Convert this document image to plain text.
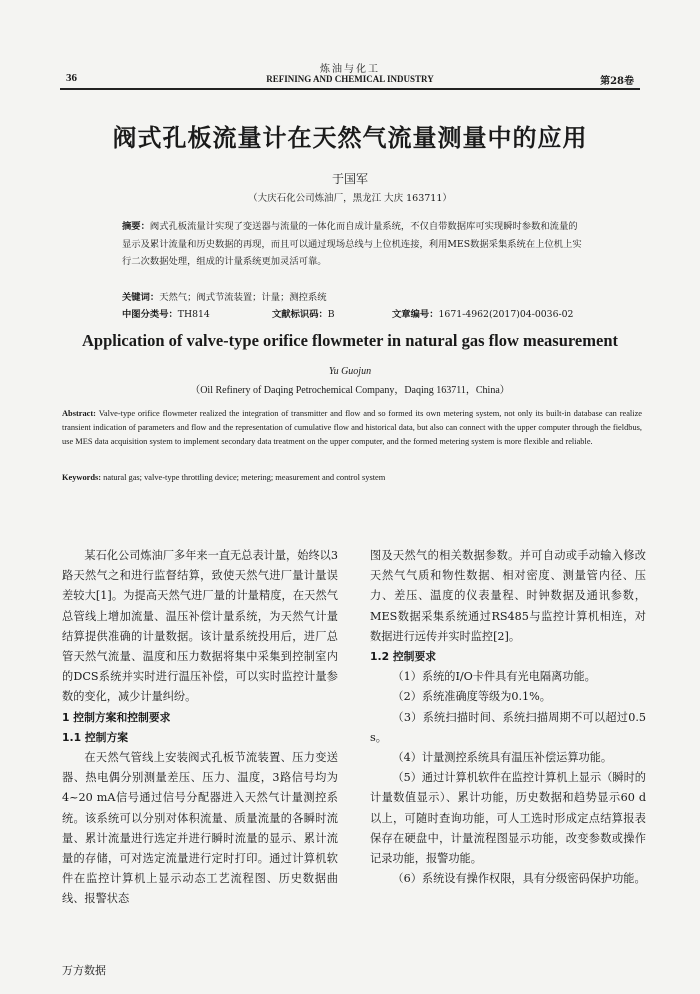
36
炼油与化工
REFINING AND CHEMICAL INDUSTRY	第28卷
阀式孔板流量计在天然气流量测量中的应用
于国军
（大庆石化公司炼油厂，黑龙江 大庆 163711）
摘要：阀式孔板流量计实现了变送器与流量的一体化而自成计量系统，不仅自带数据库可实现瞬时参数和流量的显示及累计流量和历史数据的再现，而且可以通过现场总线与上位机连接，利用MES数据采集系统在上位机上实行二次数据处理，组成的计量系统更加灵活可靠。
关键词：天然气；阀式节流装置；计量；测控系统
中图分类号：TH814	文献标识码：B	文章编号：1671-4962(2017)04-0036-02
Application of valve-type orifice flowmeter in natural gas flow measurement
Yu Guojun
（Oil Refinery of Daqing Petrochemical Company，Daqing 163711，China）
Abstract: Valve-type orifice flowmeter realized the integration of transmitter and flow and so formed its own metering system, not only its built-in database can realize transient indication of parameters and flow and the representation of cumulative flow and historical data, but also can connect with the upper computer through the fieldbus, use MES data acquisition system to implement secondary data treatment on the upper computer, and the formed metering system is more flexible and reliable.
Keywords: natural gas; valve-type throttling device; metering; measurement and control system

某石化公司炼油厂多年来一直无总表计量，始终以3路天然气之和进行监督结算，致使天然气进厂量计量误差较大[1]。为提高天然气进厂量的计量精度，在天然气总管线上增加流量、温压补偿计量系统，为天然气计量结算提供准确的计量数据。该计量系统投用后，进厂总管天然气流量、温度和压力数据将集中采集到控制室内的DCS系统并实时进行温压补偿，可以实时监控计量参数的变化，减少计量纠纷。

1 控制方案和控制要求

1.1 控制方案

在天然气管线上安装阀式孔板节流装置、压力变送器、热电偶分别测量差压、压力、温度，3路信号均为4~20 mA信号通过信号分配器进入天然气计量测控系统。该系统可以分别对体积流量、质量流量的各瞬时流量、累计流量进行选定并进行瞬时流量的显示、累计流量的存储，可对选定流量进行定时打印。通过计算机软件在监控计算机上显示动态工艺流程图、历史数据曲线、报警状态

图及天然气的相关数据参数。并可自动或手动输入修改天然气气质和物性数据、相对密度、测量管内径、压力、差压、温度的仪表量程、时钟数据及通讯参数，MES数据采集系统通过RS485与监控计算机相连，对数据进行远传并实时监控[2]。

1.2 控制要求

（1）系统的I/O卡件具有光电隔离功能。

（2）系统准确度等级为0.1%。

（3）系统扫描时间、系统扫描周期不可以超过0.5 s。

（4）计量测控系统具有温压补偿运算功能。

（5）通过计算机软件在监控计算机上显示（瞬时的计量数值显示）、累计功能，历史数据和趋势显示60 d以上，可随时查询功能，可人工选时形成定点结算报表保存在硬盘中，计量流程图显示功能，改变参数或操作记录功能，报警功能。

（6）系统设有操作权限，具有分级密码保护功能。

万方数据
